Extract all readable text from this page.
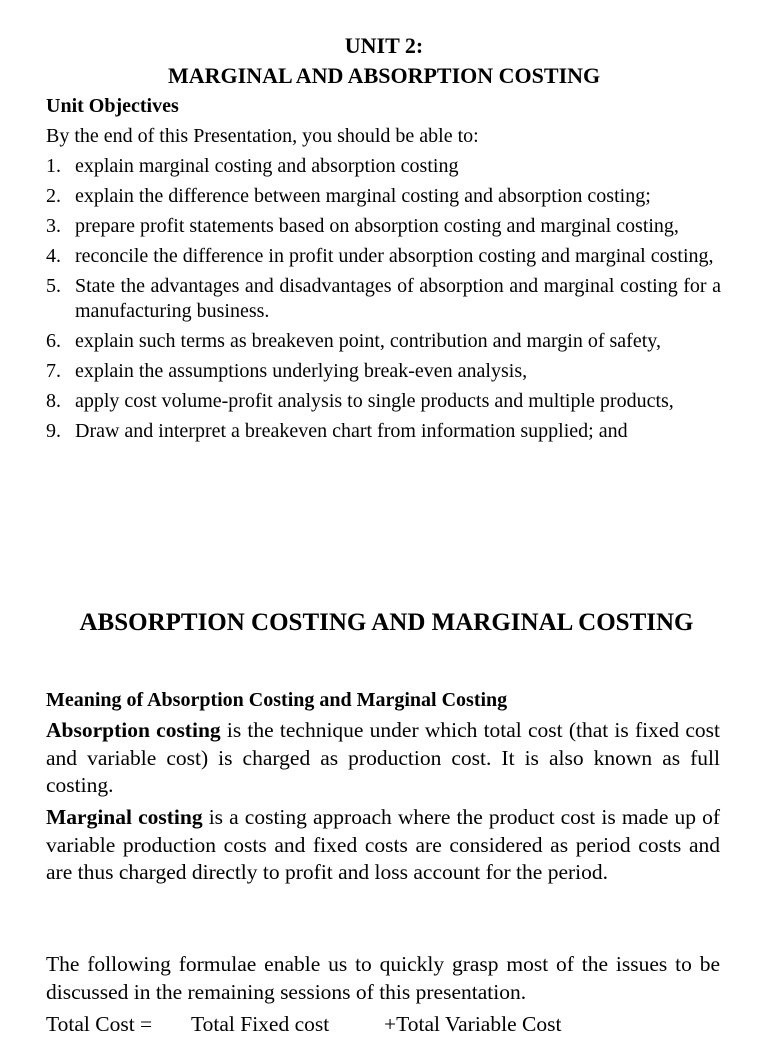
UNIT 2:
MARGINAL AND ABSORPTION COSTING
Unit Objectives
By the end of this Presentation, you should be able to:
1. explain marginal costing and absorption costing
2. explain the difference between marginal costing and absorption costing;
3. prepare profit statements based on absorption costing and marginal costing,
4. reconcile the difference in profit under absorption costing and marginal costing,
5. State the advantages and disadvantages of absorption and marginal costing for a manufacturing business.
6. explain such terms as breakeven point, contribution and margin of safety,
7. explain the assumptions underlying break-even analysis,
8. apply cost volume-profit analysis to single products and multiple products,
9. Draw and interpret a breakeven chart from information supplied; and
ABSORPTION COSTING AND MARGINAL COSTING
Meaning of Absorption Costing and Marginal Costing

Absorption costing is the technique under which total cost (that is fixed cost and variable cost) is charged as production cost. It is also known as full costing.

Marginal costing is a costing approach where the product cost is made up of variable production costs and fixed costs are considered as period costs and are thus charged directly to profit and loss account for the period.

The following formulae enable us to quickly grasp most of the issues to be discussed in the remaining sessions of this presentation.

Total Cost = Total Fixed cost	+Total Variable Cost
